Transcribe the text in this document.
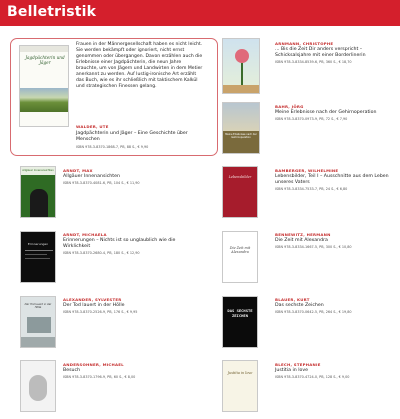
Belletristik
Jagdpächterin und Jäger
Frauen in der Männergesellschaft haben es nicht leicht. Sie werden bekämpft oder ignoriert, nicht ernst genommen oder übergangen. Davon erzählen auch die Erlebnisse einer Jagdpächterin, die neun Jahre brauchte, um von Jägern und Landwirten in dem Metier anerkannt zu werden. Auf lustig-ironische Art erzählt das Buch, wie es ihr schließlich mit taktischem Kalkül und strategischen Finessen gelang.
WALDER, UTE
Jagdpächterin und Jäger – Eine Geschichte über Menschen
ISBN 978-3-8370-1868-7, PB, 88 S., € 9,90
Allgäuer Innenansichten	ARNDT, MAX
Allgäuer Innenansichten
ISBN 978-3-8370-4081-6, PB, 104 S., € 11,90
Erinnerungen
ARNDT, MICHAELA
Erinnerungen – Nichts ist so unglaublich wie die Wirklichkeit
ISBN 978-3-8370-2680-4, PB, 180 S., € 12,90
Der Tod lauert in der Hölle
ALEXANDER, SYLVESTER
Der Tod lauert in der Hölle
ISBN 978-3-8370-2526-9, PB, 176 S., € 9,95
ANDERSOHNER, MICHAEL
Besuch
ISBN 978-3-8370-1796-9, PB, 60 S., € 8,00
ARNMANN, CHRISTOPHE
... Bis die Zeit Dir anders verspricht – Schicksalsjahre mit einer Borderlinerin
ISBN 978-3-8334-8539-6, PB, 360 S., € 18,70
Meine Erlebnisse nach der Gehirnoperation
BAHR, JÖRG
Meine Erlebnisse nach der Gehirnoperation
ISBN 978-3-8370-0973-9, PB, 72 S., € 7,90
Lebensbilder
BAMBERGER, WILHELMINE
Lebensbilder, Teil I – Ausschnitte aus dem Leben unseres Vaters
ISBN 978-3-8334-7533-7, PB, 24 S., € 6,80
Die Zeit mit Alexandra
BENNEWITZ, HERMANN
Die Zeit mit Alexandra
ISBN 978-3-8334-1667-5, PB, 300 S., € 10,80
DAS SECHSTE ZEICHEN
BLAUER, KURT
Das sechste Zeichen
ISBN 978-3-8370-0642-5, PB, 264 S., € 19,80
Justitia in love
BLECH, STEPHANIE
Justitia in love
ISBN 978-3-8370-4724-0, PB, 128 S., € 9,00
